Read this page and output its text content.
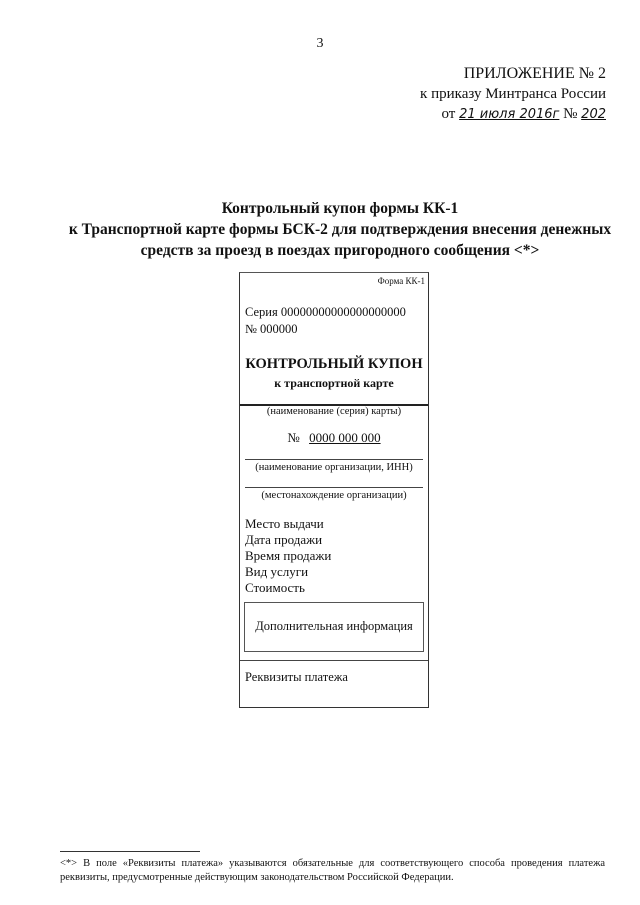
3
ПРИЛОЖЕНИЕ № 2
к приказу Минтранса России
от 21 июля 2016г № 202
Контрольный купон формы КК-1
к Транспортной карте формы БСК-2 для подтверждения внесения денежных
средств за проезд в поездах пригородного сообщения <*>
Форма КК-1
Серия 00000000000000000000
№ 000000
КОНТРОЛЬНЫЙ КУПОН
к транспортной карте
(наименование (серия) карты)
№ 0000 000 000
(наименование организации, ИНН)
(местонахождение организации)
Место выдачи
Дата продажи
Время продажи
Вид услуги
Стоимость
Дополнительная информация
Реквизиты платежа
<*> В поле «Реквизиты платежа» указываются обязательные для соответствующего способа проведения платежа реквизиты, предусмотренные действующим законодательством Российской Федерации.
